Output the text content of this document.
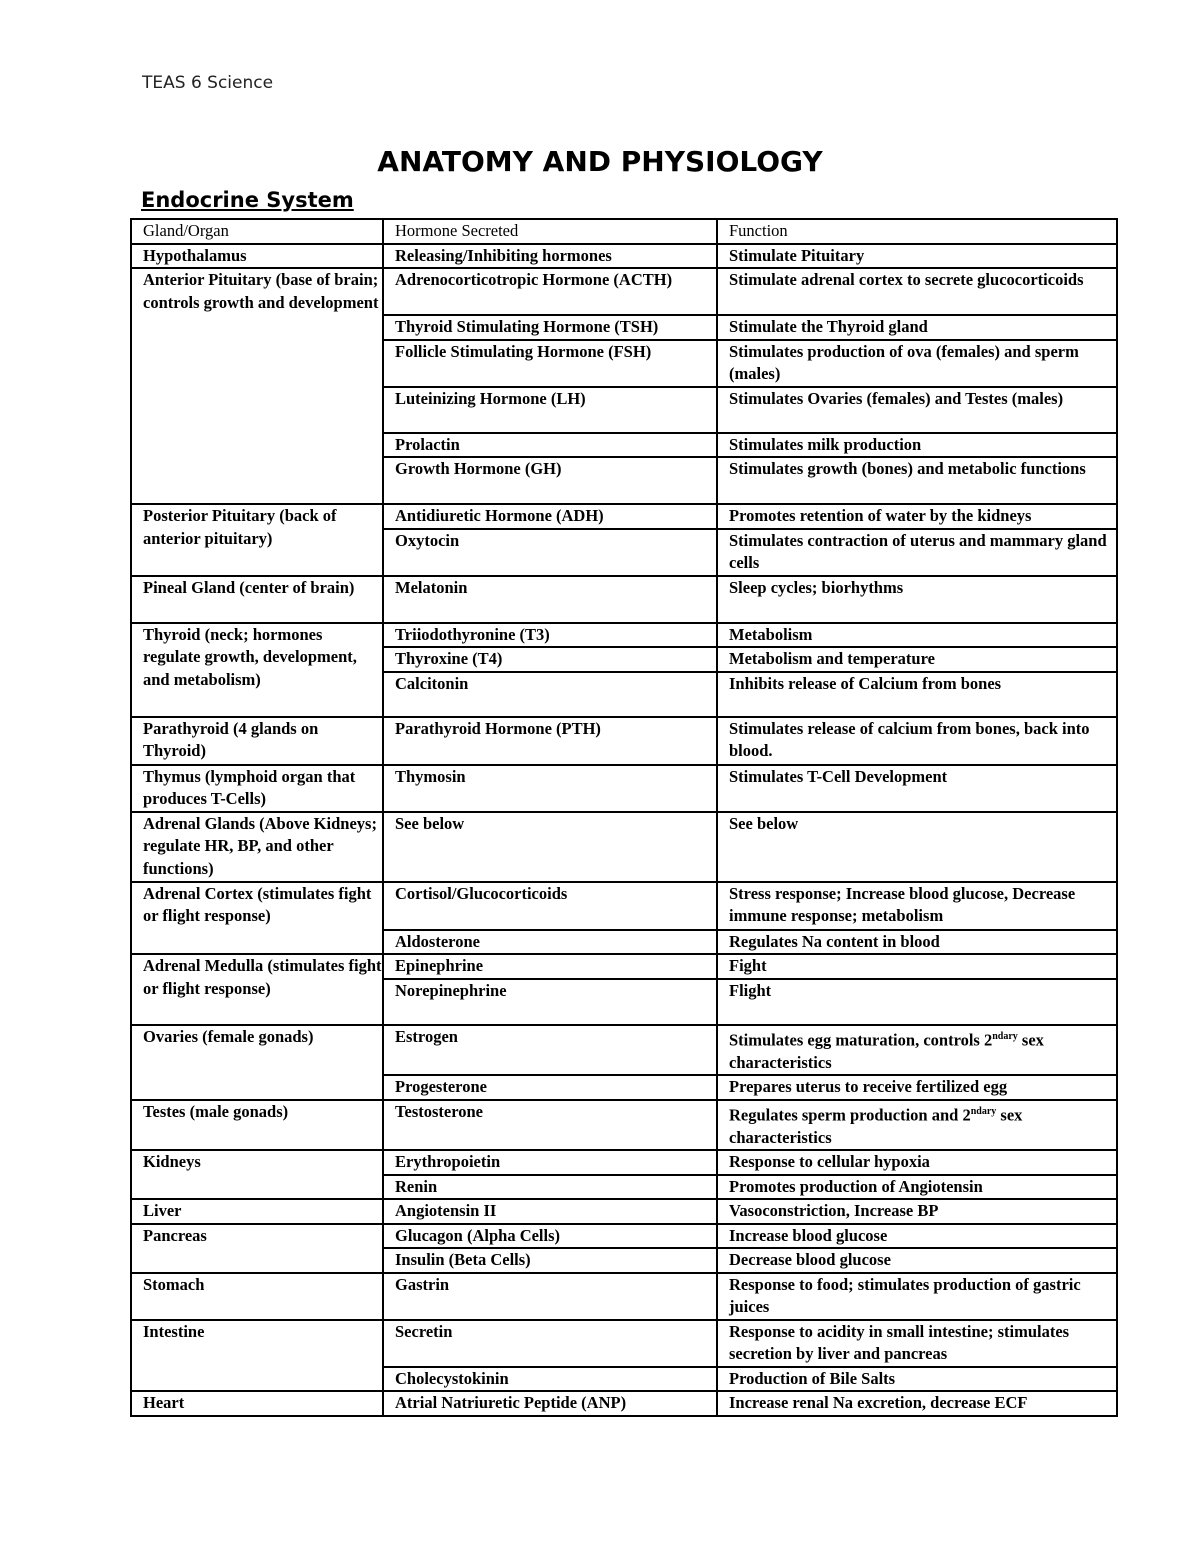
TEAS 6 Science
ANATOMY AND PHYSIOLOGY
Endocrine System
Gland/Organ	Hormone Secreted	Function
Hypothalamus	Releasing/Inhibiting hormones	Stimulate Pituitary
Anterior Pituitary (base of brain; controls growth and development	Adrenocorticotropic Hormone (ACTH)	Stimulate adrenal cortex to secrete glucocorticoids
	Thyroid Stimulating Hormone (TSH)	Stimulate the Thyroid gland
	Follicle Stimulating Hormone (FSH)	Stimulates production of ova (females) and sperm (males)
	Luteinizing Hormone (LH)	Stimulates Ovaries (females) and Testes (males)
	Prolactin	Stimulates milk production
	Growth Hormone (GH)	Stimulates growth (bones) and metabolic functions
Posterior Pituitary (back of anterior pituitary)	Antidiuretic Hormone (ADH)	Promotes retention of water by the kidneys
	Oxytocin	Stimulates contraction of uterus and mammary gland cells
Pineal Gland (center of brain)	Melatonin	Sleep cycles; biorhythms
Thyroid (neck; hormones regulate growth, development, and metabolism)	Triiodothyronine (T3)	Metabolism
	Thyroxine (T4)	Metabolism and temperature
	Calcitonin	Inhibits release of Calcium from bones
Parathyroid (4 glands on Thyroid)	Parathyroid Hormone (PTH)	Stimulates release of calcium from bones, back into blood.
Thymus (lymphoid organ that produces T-Cells)	Thymosin	Stimulates T-Cell Development
Adrenal Glands (Above Kidneys; regulate HR, BP, and other functions)	See below	See below
Adrenal Cortex (stimulates fight or flight response)	Cortisol/Glucocorticoids	Stress response; Increase blood glucose, Decrease immune response; metabolism
	Aldosterone	Regulates Na content in blood
Adrenal Medulla (stimulates fight or flight response)	Epinephrine	Fight
	Norepinephrine	Flight
Ovaries (female gonads)	Estrogen	Stimulates egg maturation, controls $2^{ndary}$ sex characteristics
	Progesterone	Prepares uterus to receive fertilized egg
Testes (male gonads)	Testosterone	Regulates sperm production and $2^{ndary}$ sex characteristics
Kidneys	Erythropoietin	Response to cellular hypoxia
	Renin	Promotes production of Angiotensin
Liver	Angiotensin II	Vasoconstriction, Increase BP
Pancreas	Glucagon (Alpha Cells)	Increase blood glucose
	Insulin (Beta Cells)	Decrease blood glucose
Stomach	Gastrin	Response to food; stimulates production of gastric juices
Intestine	Secretin	Response to acidity in small intestine; stimulates secretion by liver and pancreas
	Cholecystokinin	Production of Bile Salts
Heart	Atrial Natriuretic Peptide (ANP)	Increase renal Na excretion, decrease ECF
